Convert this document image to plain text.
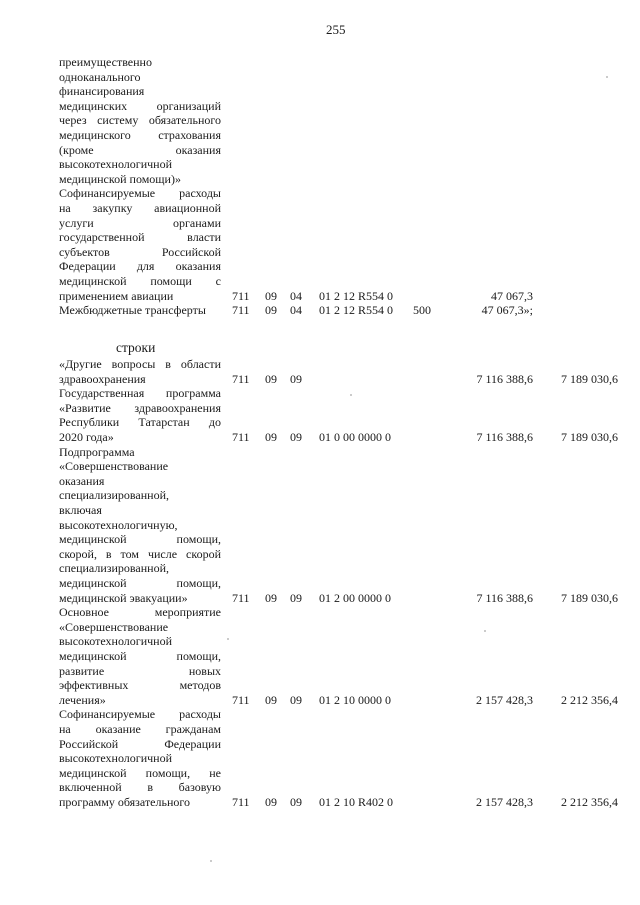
255
строки
преимущественно
одноканального
финансирования
медицинских организаций
через систему обязательного
медицинского страхования
(кроме оказания
высокотехнологичной
медицинской помощи)»
Софинансируемые расходы
на закупку авиационной
услуги органами
государственной власти
субъектов Российской
Федерации для оказания
медицинской помощи с
применением авиации	711 09 04 01 2 12 R554 0	47 067,3
Межбюджетные трансферты	711 09 04 01 2 12 R554 0 500	47 067,3»;
«Другие вопросы в области
здравоохранения	711 09 09	7 116 388,6 7 189 030,6
Государственная программа
«Развитие здравоохранения
Республики Татарстан до
2020 года»	711 09 09 01 0 00 0000 0	7 116 388,6 7 189 030,6
Подпрограмма
«Совершенствование
оказания
специализированной,
включая
высокотехнологичную,
медицинской помощи,
скорой, в том числе скорой
специализированной,
медицинской помощи,
медицинской эвакуации»	711 09 09 01 2 00 0000 0	7 116 388,6 7 189 030,6
Основное мероприятие
«Совершенствование
высокотехнологичной
медицинской помощи,
развитие новых
эффективных методов
лечения»	711 09 09 01 2 10 0000 0	2 157 428,3 2 212 356,4
Софинансируемые расходы
на оказание гражданам
Российской Федерации
высокотехнологичной
медицинской помощи, не
включенной в базовую
программу обязательного	711 09 09 01 2 10 R402 0	2 157 428,3 2 212 356,4
